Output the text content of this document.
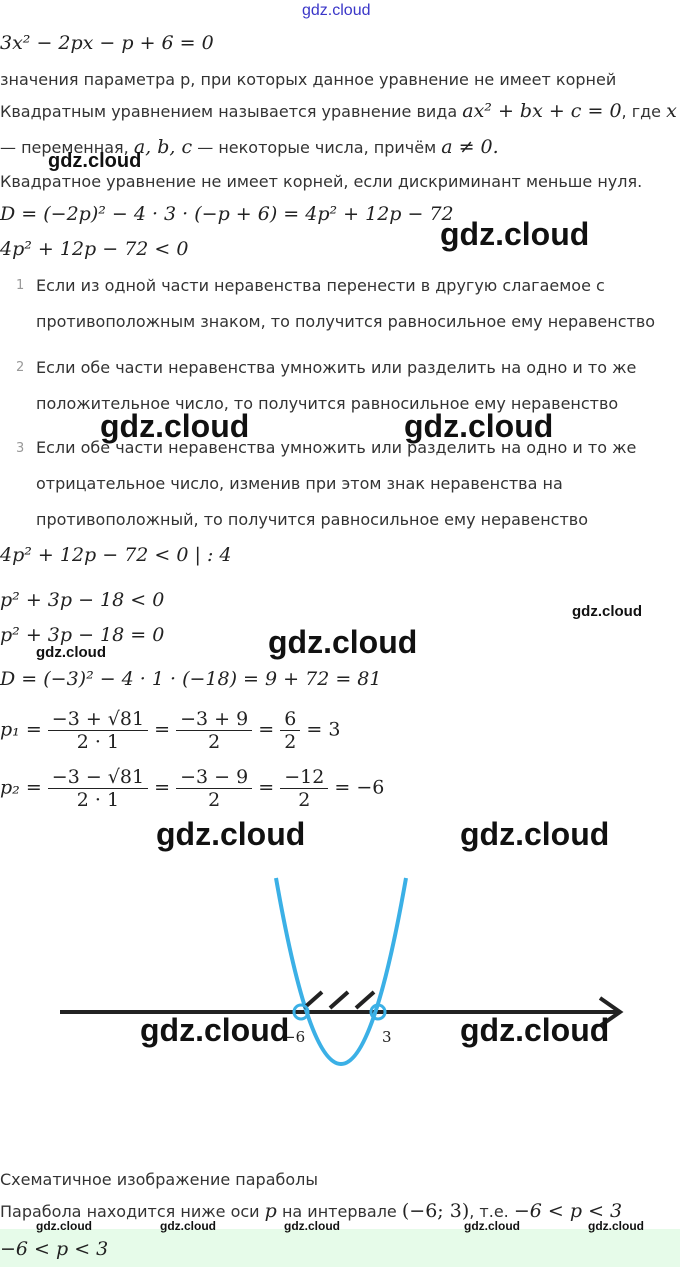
gdz.cloud
3x² − 2px − p + 6 = 0
значения параметра p, при которых данное уравнение не имеет корней
Квадратным уравнением называется уравнение вида ax² + bx + c = 0, где x
— переменная, a, b, c — некоторые числа, причём a ≠ 0.
gdz.cloud
Квадратное уравнение не имеет корней, если дискриминант меньше нуля.
D = (−2p)² − 4 · 3 · (−p + 6) = 4p² + 12p − 72
4p² + 12p − 72 < 0	gdz.cloud
1 Если из одной части неравенства перенести в другую слагаемое с
противоположным знаком, то получится равносильное ему неравенство
2 Если обе части неравенства умножить или разделить на одно и то же
положительное число, то получится равносильное ему неравенство
3 Если обе части неравенства умножить или разделить на одно и то же
отрицательное число, изменив при этом знак неравенства на
противоположный, то получится равносильное ему неравенство
gdz.cloud	gdz.cloud
4p² + 12p − 72 < 0 | : 4
p² + 3p − 18 < 0
gdz.cloud
p² + 3p − 18 = 0	gdz.cloud
gdz.cloud
D = (−3)² − 4 · 1 · (−18) = 9 + 72 = 81
$p_1 = \frac{-3 + √81}{2 \cdot 1} = \frac{-3 + 9}{2} = \frac{6}{2} = 3$
$p_2 = \frac{-3 - √81}{2 \cdot 1} = \frac{-3 - 9}{2} = \frac{-12}{2} = -6$
gdz.cloud	gdz.cloud
−6	3
gdz.cloud	gdz.cloud
Схематичное изображение параболы
Парабола находится ниже оси p на интервале (−6; 3), т.е. −6 < p < 3
gdz.cloud	gdz.cloud	gdz.cloud	gdz.cloud	gdz.cloud
−6 < p < 3
